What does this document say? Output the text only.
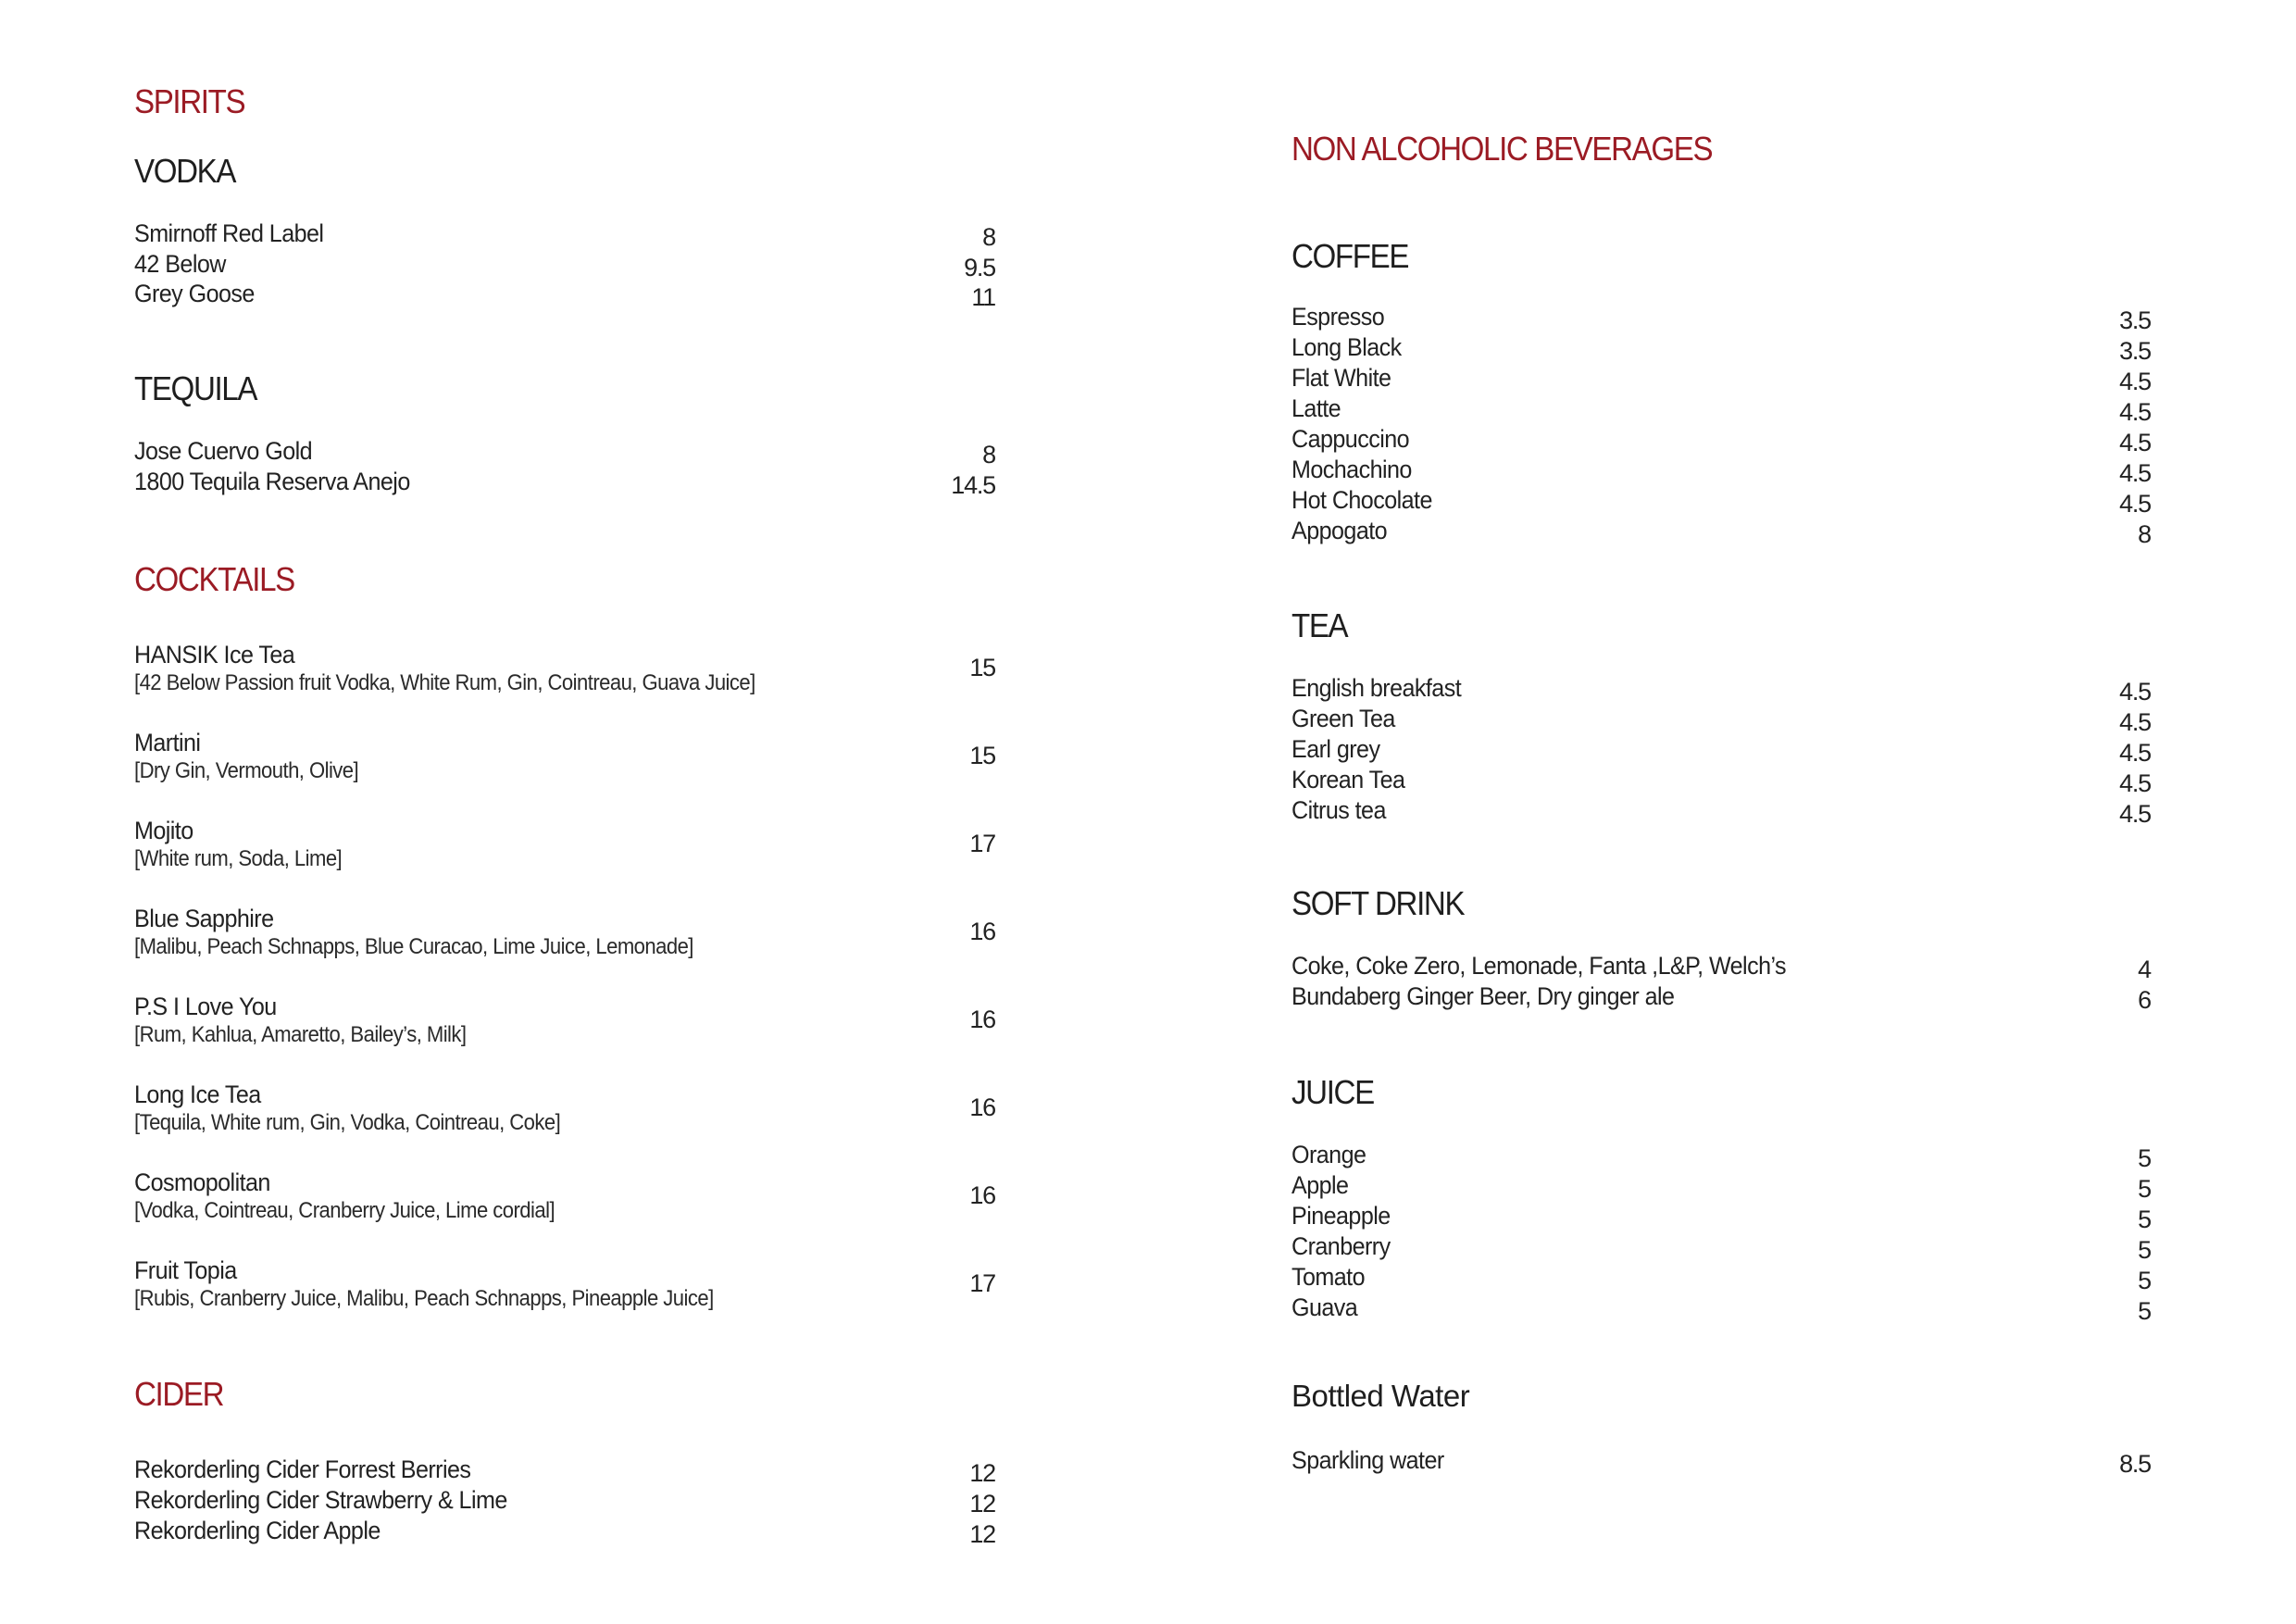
SPIRITS
VODKA
Smirnoff Red Label	8
42 Below	9.5
Grey Goose	11
TEQUILA
Jose Cuervo Gold	8
1800 Tequila Reserva Anejo	14.5
COCKTAILS
HANSIK Ice Tea
[42 Below Passion fruit Vodka, White Rum, Gin, Cointreau, Guava Juice]
15
Martini
[Dry Gin, Vermouth, Olive]
15
Mojito
[White rum, Soda, Lime]
17
Blue Sapphire
[Malibu, Peach Schnapps, Blue Curacao, Lime Juice, Lemonade]
16
P.S I Love You
[Rum, Kahlua, Amaretto, Bailey’s, Milk]
16
Long Ice Tea
[Tequila, White rum, Gin, Vodka, Cointreau, Coke]
16
Cosmopolitan
[Vodka, Cointreau, Cranberry Juice, Lime cordial]
16
Fruit Topia
[Rubis, Cranberry Juice, Malibu, Peach Schnapps, Pineapple Juice]
17
CIDER
Rekorderling Cider Forrest Berries	12
Rekorderling Cider Strawberry & Lime	12
Rekorderling Cider Apple	12
NON ALCOHOLIC BEVERAGES
COFFEE
Espresso	3.5
Long Black	3.5
Flat White	4.5
Latte	4.5
Cappuccino	4.5
Mochachino	4.5
Hot Chocolate	4.5
Appogato	8
TEA
English breakfast	4.5
Green Tea	4.5
Earl grey	4.5
Korean Tea	4.5
Citrus tea	4.5
SOFT DRINK
Coke, Coke Zero, Lemonade, Fanta ,L&P, Welch’s	4
Bundaberg Ginger Beer, Dry ginger ale	6
JUICE
Orange	5
Apple	5
Pineapple	5
Cranberry	5
Tomato	5
Guava	5
Bottled Water
Sparkling water	8.5
